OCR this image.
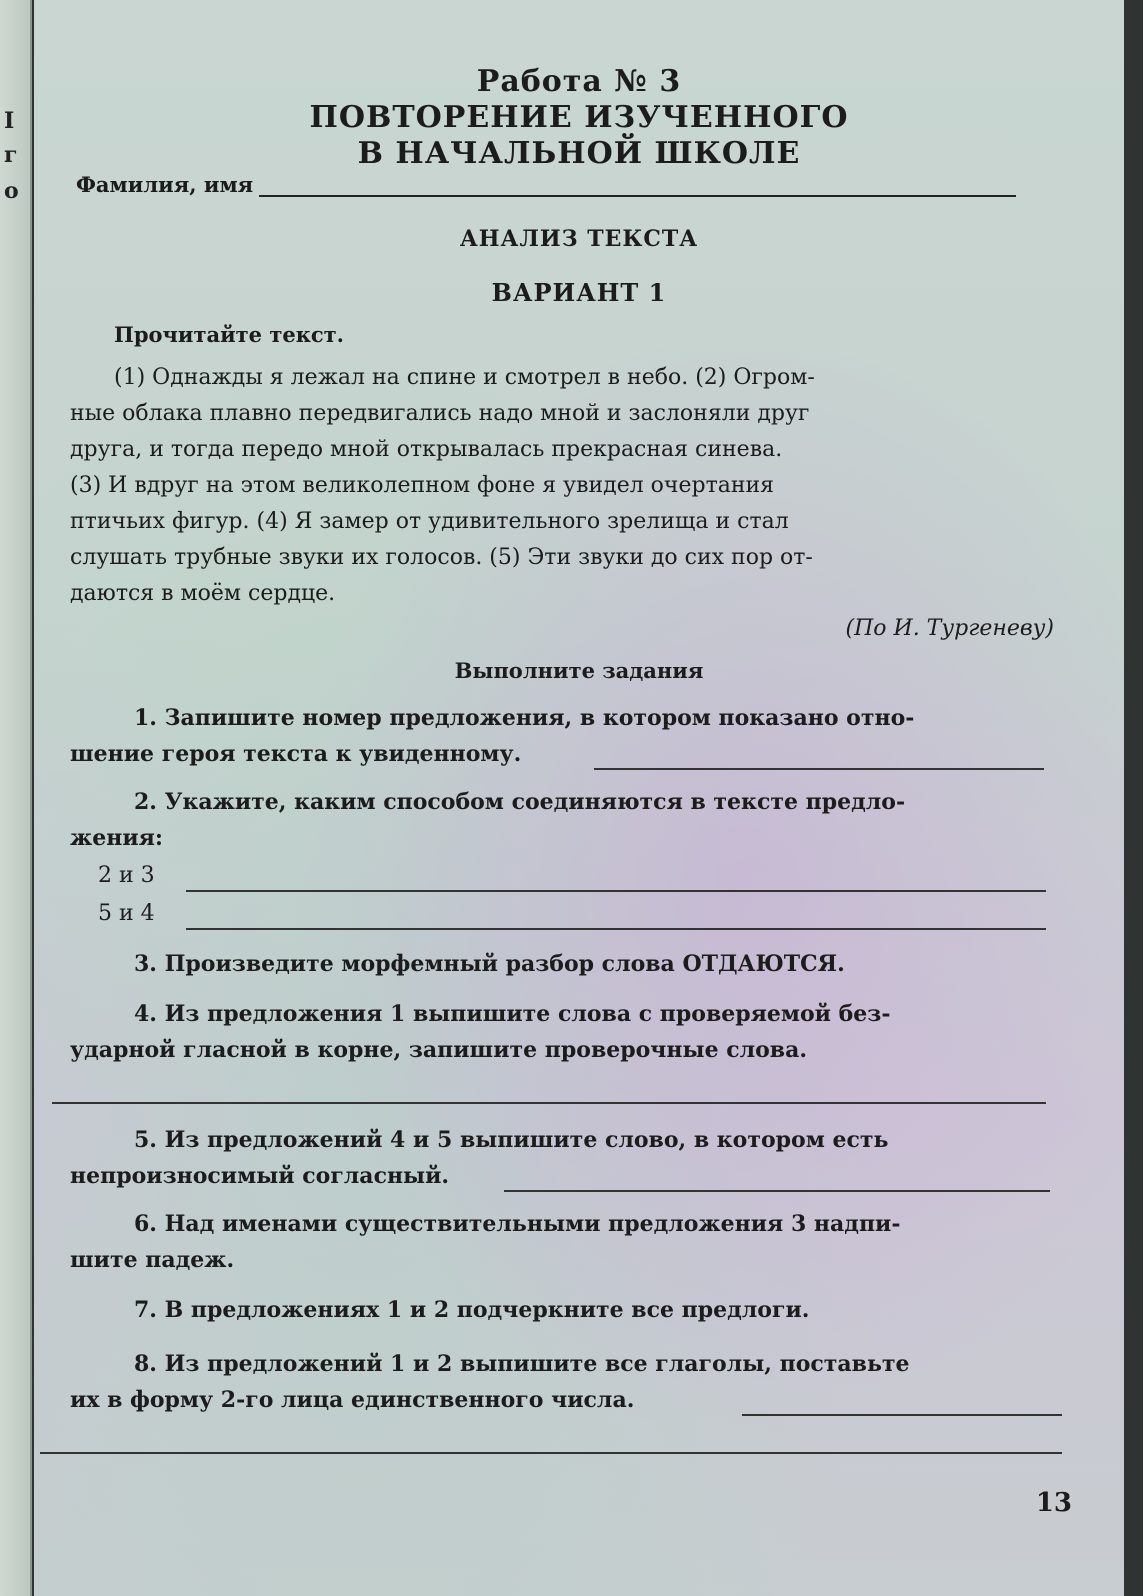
I
г
о
Работа № 3
ПОВТОРЕНИЕ ИЗУЧЕННОГО
В НАЧАЛЬНОЙ ШКОЛЕ
Фамилия, имя
АНАЛИЗ ТЕКСТА
ВАРИАНТ 1
Прочитайте текст.
(1) Однажды я лежал на спине и смотрел в небо. (2) Огром-
ные облака плавно передвигались надо мной и заслоняли друг
друга, и тогда передо мной открывалась прекрасная синева.
(3) И вдруг на этом великолепном фоне я увидел очертания
птичьих фигур. (4) Я замер от удивительного зрелища и стал
слушать трубные звуки их голосов. (5) Эти звуки до сих пор от-
даются в моём сердце.
(По И. Тургеневу)
Выполните задания
1. Запишите номер предложения, в котором показано отно-
шение героя текста к увиденному.
2. Укажите, каким способом соединяются в тексте предло-
жения:
2 и 3
5 и 4
3. Произведите морфемный разбор слова ОТДАЮТСЯ.
4. Из предложения 1 выпишите слова с проверяемой без-
ударной гласной в корне, запишите проверочные слова.
5. Из предложений 4 и 5 выпишите слово, в котором есть
непроизносимый согласный.
6. Над именами существительными предложения 3 надпи-
шите падеж.
7. В предложениях 1 и 2 подчеркните все предлоги.
8. Из предложений 1 и 2 выпишите все глаголы, поставьте
их в форму 2-го лица единственного числа.
13
